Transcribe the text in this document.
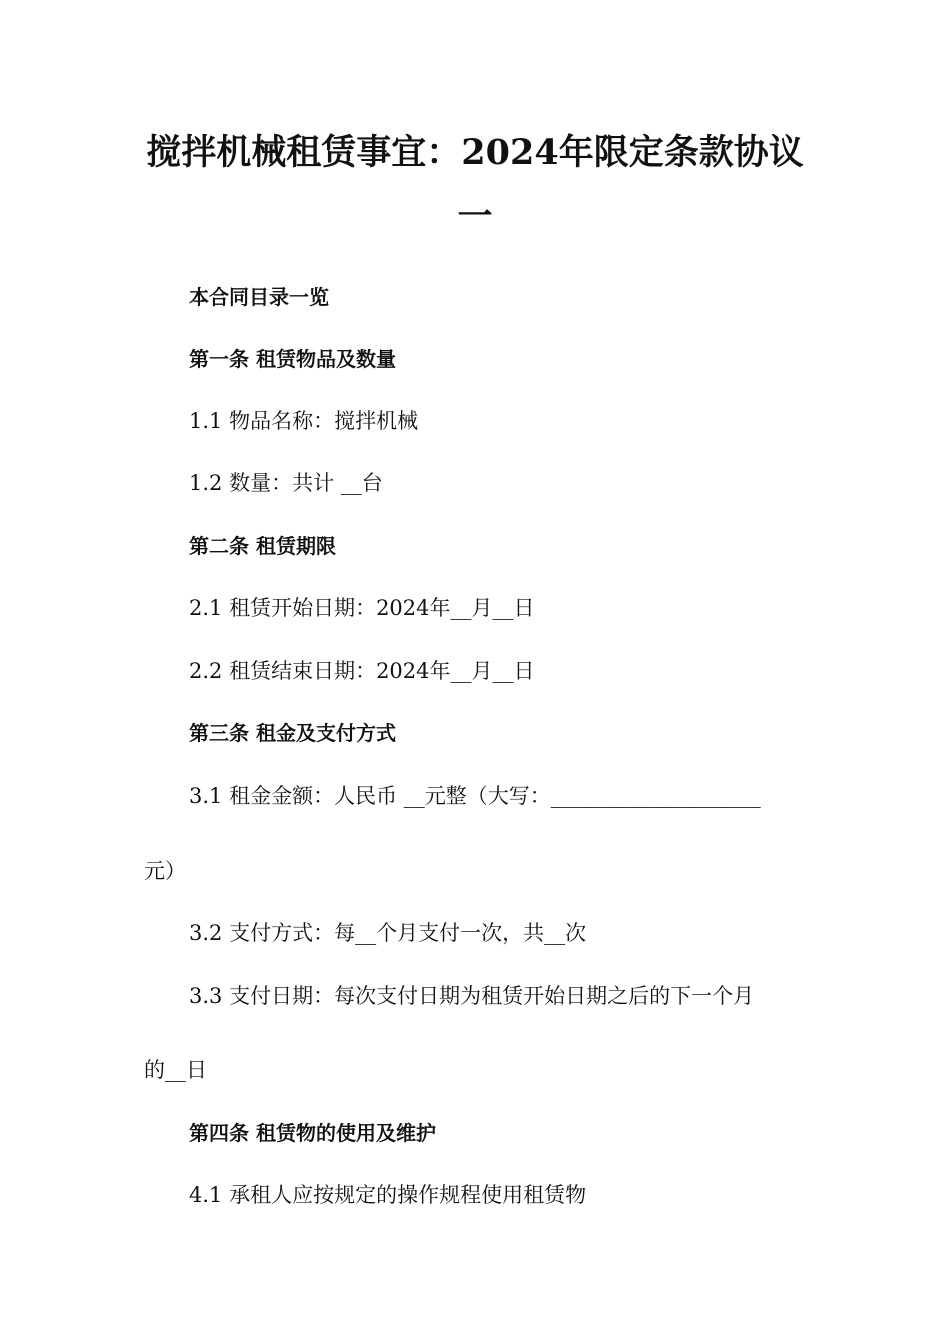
搅拌机械租赁事宜：2024年限定条款协议
一
本合同目录一览
第一条 租赁物品及数量
1.1 物品名称：搅拌机械
1.2 数量：共计 __台
第二条 租赁期限
2.1 租赁开始日期：2024年__月__日
2.2 租赁结束日期：2024年__月__日
第三条 租金及支付方式
3.1 租金金额：人民币 __元整（大写：____________________
元）
3.2 支付方式：每__个月支付一次，共__次
3.3 支付日期：每次支付日期为租赁开始日期之后的下一个月
的__日
第四条 租赁物的使用及维护
4.1 承租人应按规定的操作规程使用租赁物
